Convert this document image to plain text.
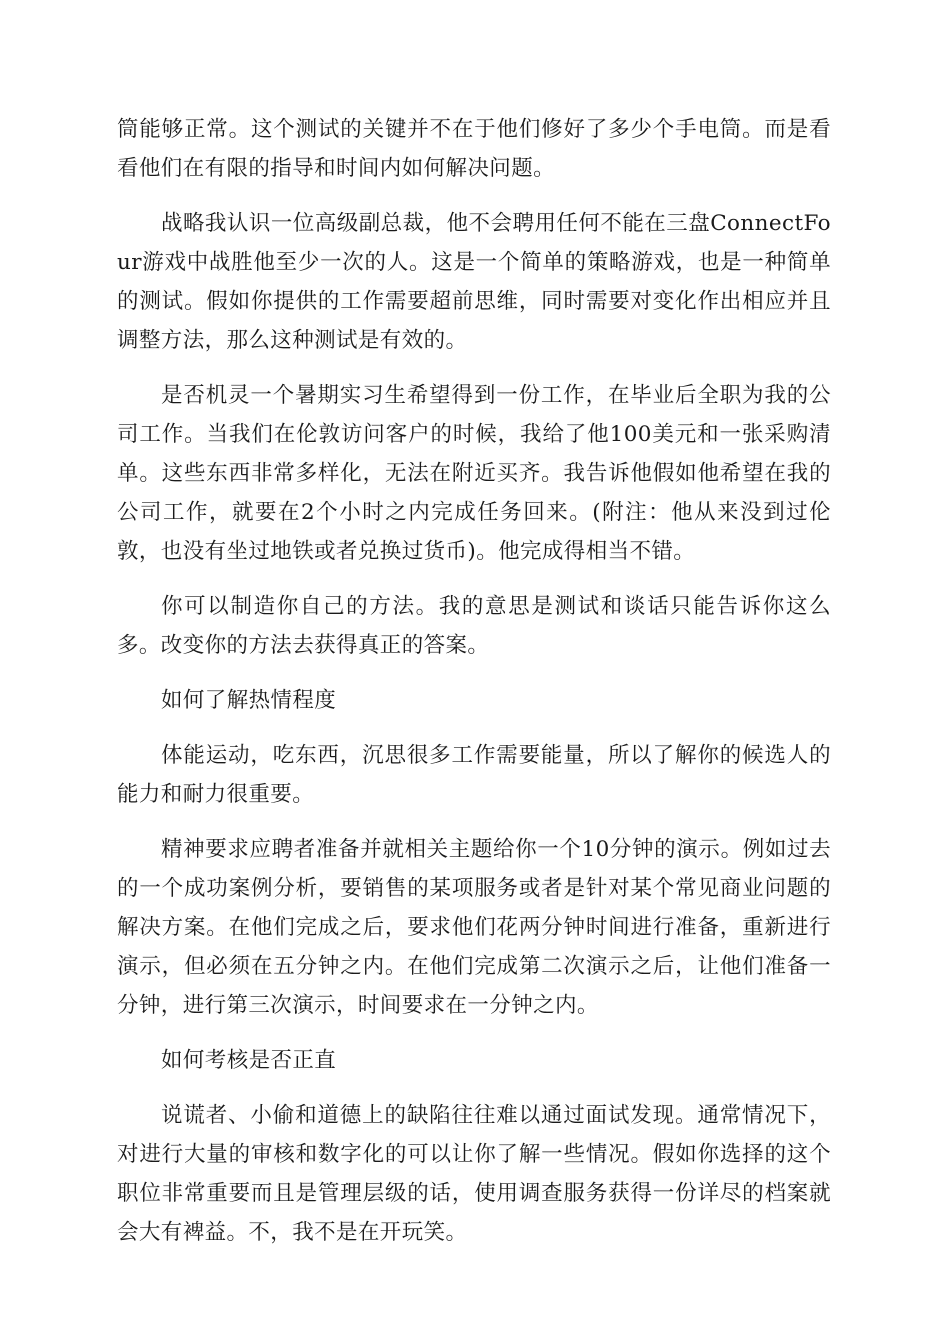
筒能够正常。这个测试的关键并不在于他们修好了多少个手电筒。而是看看他们在有限的指导和时间内如何解决问题。

战略我认识一位高级副总裁，他不会聘用任何不能在三盘ConnectFour游戏中战胜他至少一次的人。这是一个简单的策略游戏，也是一种简单的测试。假如你提供的工作需要超前思维，同时需要对变化作出相应并且调整方法，那么这种测试是有效的。

是否机灵一个暑期实习生希望得到一份工作，在毕业后全职为我的公司工作。当我们在伦敦访问客户的时候，我给了他100美元和一张采购清单。这些东西非常多样化，无法在附近买齐。我告诉他假如他希望在我的公司工作，就要在2个小时之内完成任务回来。(附注：他从来没到过伦敦，也没有坐过地铁或者兑换过货币)。他完成得相当不错。

你可以制造你自己的方法。我的意思是测试和谈话只能告诉你这么多。改变你的方法去获得真正的答案。

如何了解热情程度

体能运动，吃东西，沉思很多工作需要能量，所以了解你的候选人的能力和耐力很重要。

精神要求应聘者准备并就相关主题给你一个10分钟的演示。例如过去的一个成功案例分析，要销售的某项服务或者是针对某个常见商业问题的解决方案。在他们完成之后，要求他们花两分钟时间进行准备，重新进行演示，但必须在五分钟之内。在他们完成第二次演示之后，让他们准备一分钟，进行第三次演示，时间要求在一分钟之内。

如何考核是否正直

说谎者、小偷和道德上的缺陷往往难以通过面试发现。通常情况下，对进行大量的审核和数字化的可以让你了解一些情况。假如你选择的这个职位非常重要而且是管理层级的话，使用调查服务获得一份详尽的档案就会大有裨益。不，我不是在开玩笑。
